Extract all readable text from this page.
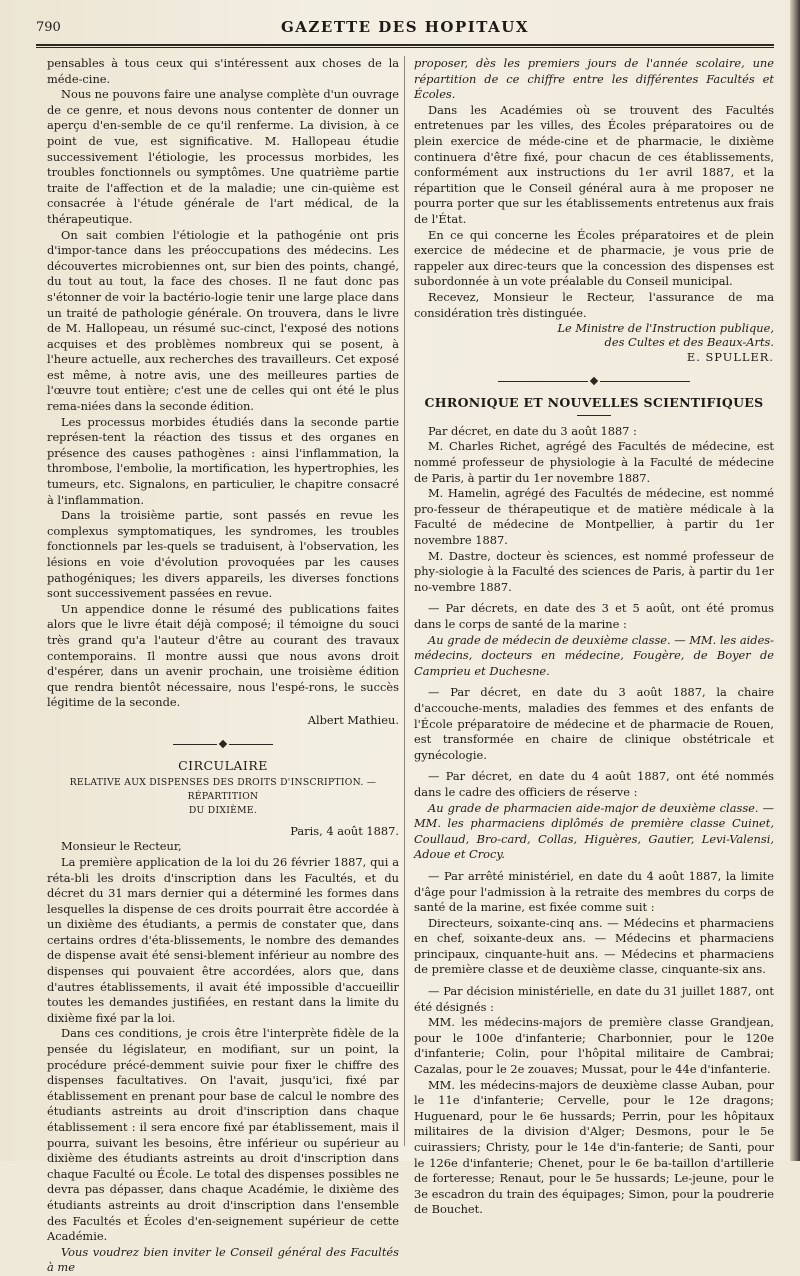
790	GAZETTE DES HOPITAUX

pensables à tous ceux qui s'intéressent aux choses de la méde-cine.

Nous ne pouvons faire une analyse complète d'un ouvrage de ce genre, et nous devons nous contenter de donner un aperçu d'en-semble de ce qu'il renferme. La division, à ce point de vue, est significative. M. Hallopeau étudie successivement l'étiologie, les processus morbides, les troubles fonctionnels ou symptômes. Une quatrième partie traite de l'affection et de la maladie; une cin-quième est consacrée à l'étude générale de l'art médical, de la thérapeutique.

On sait combien l'étiologie et la pathogénie ont pris d'impor-tance dans les préoccupations des médecins. Les découvertes microbiennes ont, sur bien des points, changé, du tout au tout, la face des choses. Il ne faut donc pas s'étonner de voir la bactério-logie tenir une large place dans un traité de pathologie générale. On trouvera, dans le livre de M. Hallopeau, un résumé suc-cinct, l'exposé des notions acquises et des problèmes nombreux qui se posent, à l'heure actuelle, aux recherches des travailleurs. Cet exposé est même, à notre avis, une des meilleures parties de l'œuvre tout entière; c'est une de celles qui ont été le plus rema-niées dans la seconde édition.

Les processus morbides étudiés dans la seconde partie représen-tent la réaction des tissus et des organes en présence des causes pathogènes : ainsi l'inflammation, la thrombose, l'embolie, la mortification, les hypertrophies, les tumeurs, etc. Signalons, en particulier, le chapitre consacré à l'inflammation.

Dans la troisième partie, sont passés en revue les complexus symptomatiques, les syndromes, les troubles fonctionnels par les-quels se traduisent, à l'observation, les lésions en voie d'évolution provoquées par les causes pathogéniques; les divers appareils, les diverses fonctions sont successivement passées en revue.

Un appendice donne le résumé des publications faites alors que le livre était déjà composé; il témoigne du souci très grand qu'a l'auteur d'être au courant des travaux contemporains. Il montre aussi que nous avons droit d'espérer, dans un avenir prochain, une troisième édition que rendra bientôt nécessaire, nous l'espé-rons, le succès légitime de la seconde.

Albert Mathieu.
CIRCULAIRE
RELATIVE AUX DISPENSES DES DROITS D'INSCRIPTION. — RÉPARTITION
DU DIXIÈME.

Paris, 4 août 1887.

Monsieur le Recteur,

La première application de la loi du 26 février 1887, qui a réta-bli les droits d'inscription dans les Facultés, et du décret du 31 mars dernier qui a déterminé les formes dans lesquelles la dispense de ces droits pourrait être accordée à un dixième des étudiants, a permis de constater que, dans certains ordres d'éta-blissements, le nombre des demandes de dispense avait été sensi-blement inférieur au nombre des dispenses qui pouvaient être accordées, alors que, dans d'autres établissements, il avait été impossible d'accueillir toutes les demandes justifiées, en restant dans la limite du dixième fixé par la loi.

Dans ces conditions, je crois être l'interprète fidèle de la pensée du législateur, en modifiant, sur un point, la procédure précé-demment suivie pour fixer le chiffre des dispenses facultatives. On l'avait, jusqu'ici, fixé par établissement en prenant pour base de calcul le nombre des étudiants astreints au droit d'inscription dans chaque établissement : il sera encore fixé par établissement, mais il pourra, suivant les besoins, être inférieur ou supérieur au dixième des étudiants astreints au droit d'inscription dans chaque Faculté ou École. Le total des dispenses possibles ne devra pas dépasser, dans chaque Académie, le dixième des étudiants astreints au droit d'inscription dans l'ensemble des Facultés et Écoles d'en-seignement supérieur de cette Académie.

Vous voudrez bien inviter le Conseil général des Facultés à me

proposer, dès les premiers jours de l'année scolaire, une répartition de ce chiffre entre les différentes Facultés et Écoles.

Dans les Académies où se trouvent des Facultés entretenues par les villes, des Écoles préparatoires ou de plein exercice de méde-cine et de pharmacie, le dixième continuera d'être fixé, pour chacun de ces établissements, conformément aux instructions du 1er avril 1887, et la répartition que le Conseil général aura à me proposer ne pourra porter que sur les établissements entretenus aux frais de l'État.

En ce qui concerne les Écoles préparatoires et de plein exercice de médecine et de pharmacie, je vous prie de rappeler aux direc-teurs que la concession des dispenses est subordonnée à un vote préalable du Conseil municipal.

Recevez, Monsieur le Recteur, l'assurance de ma considération très distinguée.

Le Ministre de l'Instruction publique,
des Cultes et des Beaux-Arts.
E. SPULLER.
CHRONIQUE ET NOUVELLES SCIENTIFIQUES

Par décret, en date du 3 août 1887 :

M. Charles Richet, agrégé des Facultés de médecine, est nommé professeur de physiologie à la Faculté de médecine de Paris, à partir du 1er novembre 1887.

M. Hamelin, agrégé des Facultés de médecine, est nommé pro-fesseur de thérapeutique et de matière médicale à la Faculté de médecine de Montpellier, à partir du 1er novembre 1887.

M. Dastre, docteur ès sciences, est nommé professeur de phy-siologie à la Faculté des sciences de Paris, à partir du 1er no-vembre 1887.

— Par décrets, en date des 3 et 5 août, ont été promus dans le corps de santé de la marine :

Au grade de médecin de deuxième classe. — MM. les aides-médecins, docteurs en médecine, Fougère, de Boyer de Camprieu et Duchesne.

— Par décret, en date du 3 août 1887, la chaire d'accouche-ments, maladies des femmes et des enfants de l'École préparatoire de médecine et de pharmacie de Rouen, est transformée en chaire de clinique obstétricale et gynécologie.

— Par décret, en date du 4 août 1887, ont été nommés dans le cadre des officiers de réserve :

Au grade de pharmacien aide-major de deuxième classe. — MM. les pharmaciens diplômés de première classe Cuinet, Coullaud, Bro-card, Collas, Higuères, Gautier, Levi-Valensi, Adoue et Crocy.

— Par arrêté ministériel, en date du 4 août 1887, la limite d'âge pour l'admission à la retraite des membres du corps de santé de la marine, est fixée comme suit :

Directeurs, soixante-cinq ans. — Médecins et pharmaciens en chef, soixante-deux ans. — Médecins et pharmaciens principaux, cinquante-huit ans. — Médecins et pharmaciens de première classe et de deuxième classe, cinquante-six ans.

— Par décision ministérielle, en date du 31 juillet 1887, ont été désignés :

MM. les médecins-majors de première classe Grandjean, pour le 100e d'infanterie; Charbonnier, pour le 120e d'infanterie; Colin, pour l'hôpital militaire de Cambrai; Cazalas, pour le 2e zouaves; Mussat, pour le 44e d'infanterie.

MM. les médecins-majors de deuxième classe Auban, pour le 11e d'infanterie; Cervelle, pour le 12e dragons; Huguenard, pour le 6e hussards; Perrin, pour les hôpitaux militaires de la division d'Alger; Desmons, pour le 5e cuirassiers; Christy, pour le 14e d'in-fanterie; de Santi, pour le 126e d'infanterie; Chenet, pour le 6e ba-taillon d'artillerie de forteresse; Renaut, pour le 5e hussards; Le-jeune, pour le 3e escadron du train des équipages; Simon, pour la poudrerie de Bouchet.
